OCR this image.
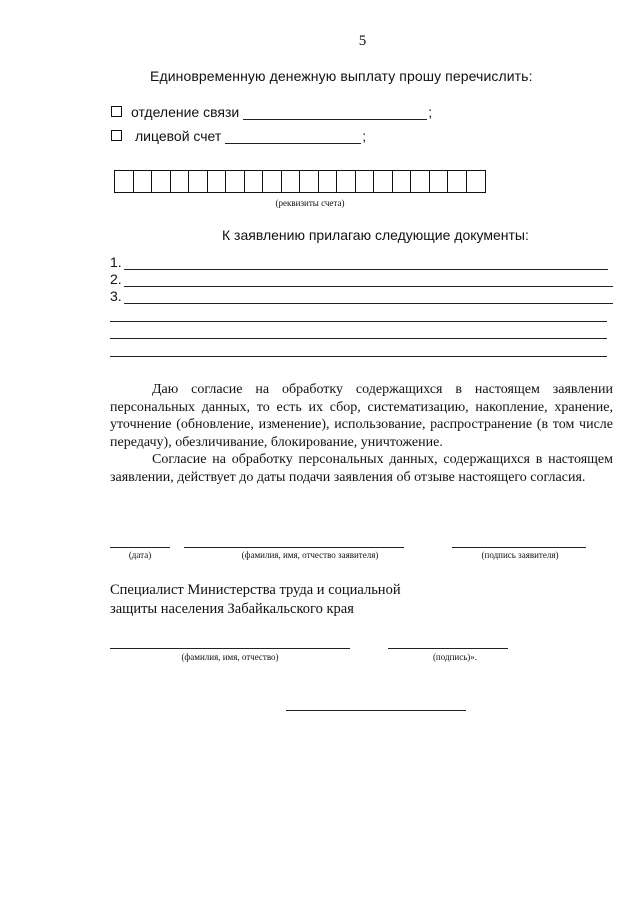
5
Единовременную денежную выплату прошу перечислить:
отделение связи	;
лицевой счет	;
(реквизиты счета)
К заявлению прилагаю следующие документы:
1.
2.
3.

Даю согласие на обработку содержащихся в настоящем заявлении персональных данных, то есть их сбор, систематизацию, накопление, хранение, уточнение (обновление, изменение), использование, распространение (в том числе передачу), обезличивание, блокирование, уничтожение.

Согласие на обработку персональных данных, содержащихся в настоящем заявлении, действует до даты подачи заявления об отзыве настоящего согласия.

(дата)	(фамилия, имя, отчество заявителя)	(подпись заявителя)
Специалист Министерства труда и социальной
защиты населения Забайкальского края
(фамилия, имя, отчество)	(подпись)».
